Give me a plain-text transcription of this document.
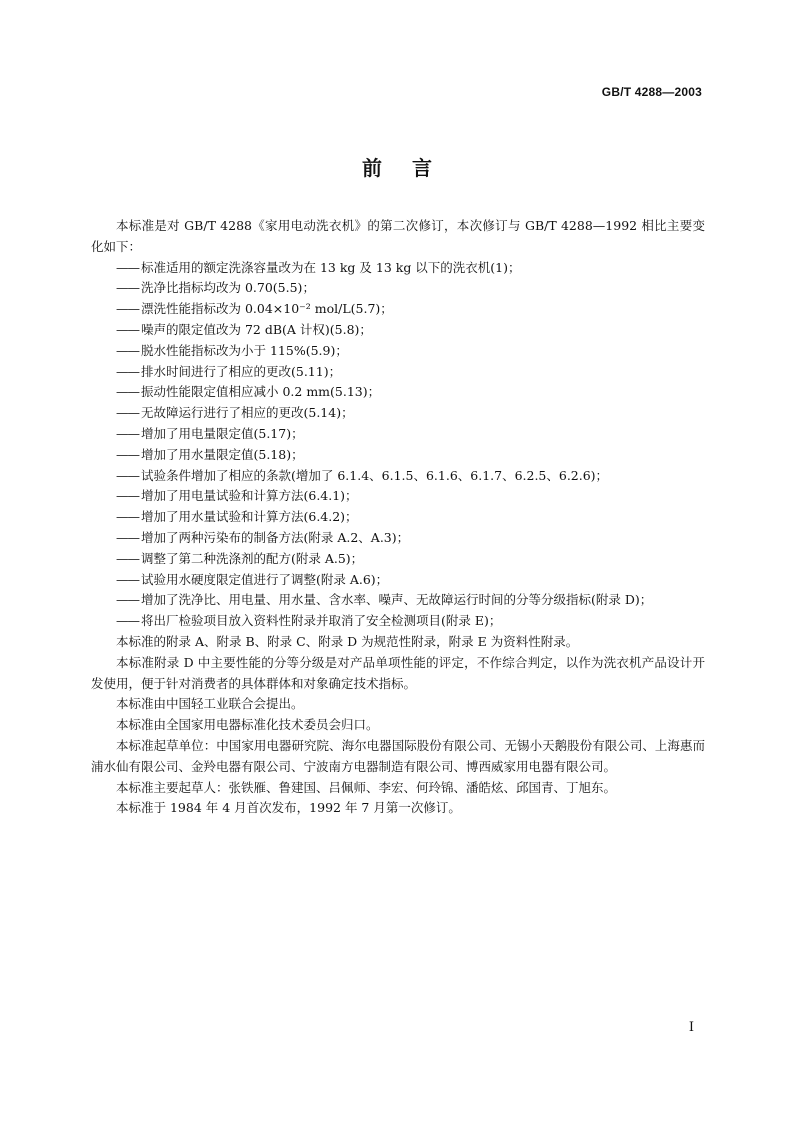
GB/T 4288—2003
前言

本标准是对 GB/T 4288《家用电动洗衣机》的第二次修订，本次修订与 GB/T 4288—1992 相比主要变化如下：

—— 标准适用的额定洗涤容量改为在 13 kg 及 13 kg 以下的洗衣机(1)；

—— 洗净比指标均改为 0.70(5.5)；

—— 漂洗性能指标改为 0.04×10⁻² mol/L(5.7)；

—— 噪声的限定值改为 72 dB(A 计权)(5.8)；

—— 脱水性能指标改为小于 115%(5.9)；

—— 排水时间进行了相应的更改(5.11)；

—— 振动性能限定值相应减小 0.2 mm(5.13)；

—— 无故障运行进行了相应的更改(5.14)；

—— 增加了用电量限定值(5.17)；

—— 增加了用水量限定值(5.18)；

—— 试验条件增加了相应的条款(增加了 6.1.4、6.1.5、6.1.6、6.1.7、6.2.5、6.2.6)；

—— 增加了用电量试验和计算方法(6.4.1)；

—— 增加了用水量试验和计算方法(6.4.2)；

—— 增加了两种污染布的制备方法(附录 A.2、A.3)；

—— 调整了第二种洗涤剂的配方(附录 A.5)；

—— 试验用水硬度限定值进行了调整(附录 A.6)；

—— 增加了洗净比、用电量、用水量、含水率、噪声、无故障运行时间的分等分级指标(附录 D)；

—— 将出厂检验项目放入资料性附录并取消了安全检测项目(附录 E)；

本标准的附录 A、附录 B、附录 C、附录 D 为规范性附录，附录 E 为资料性附录。

本标准附录 D 中主要性能的分等分级是对产品单项性能的评定，不作综合判定，以作为洗衣机产品设计开发使用，便于针对消费者的具体群体和对象确定技术指标。

本标准由中国轻工业联合会提出。

本标准由全国家用电器标准化技术委员会归口。

本标准起草单位：中国家用电器研究院、海尔电器国际股份有限公司、无锡小天鹅股份有限公司、上海惠而浦水仙有限公司、金羚电器有限公司、宁波南方电器制造有限公司、博西威家用电器有限公司。

本标准主要起草人：张铁雁、鲁建国、吕佩师、李宏、何玲锦、潘皓炫、邱国青、丁旭东。

本标准于 1984 年 4 月首次发布，1992 年 7 月第一次修订。

I
